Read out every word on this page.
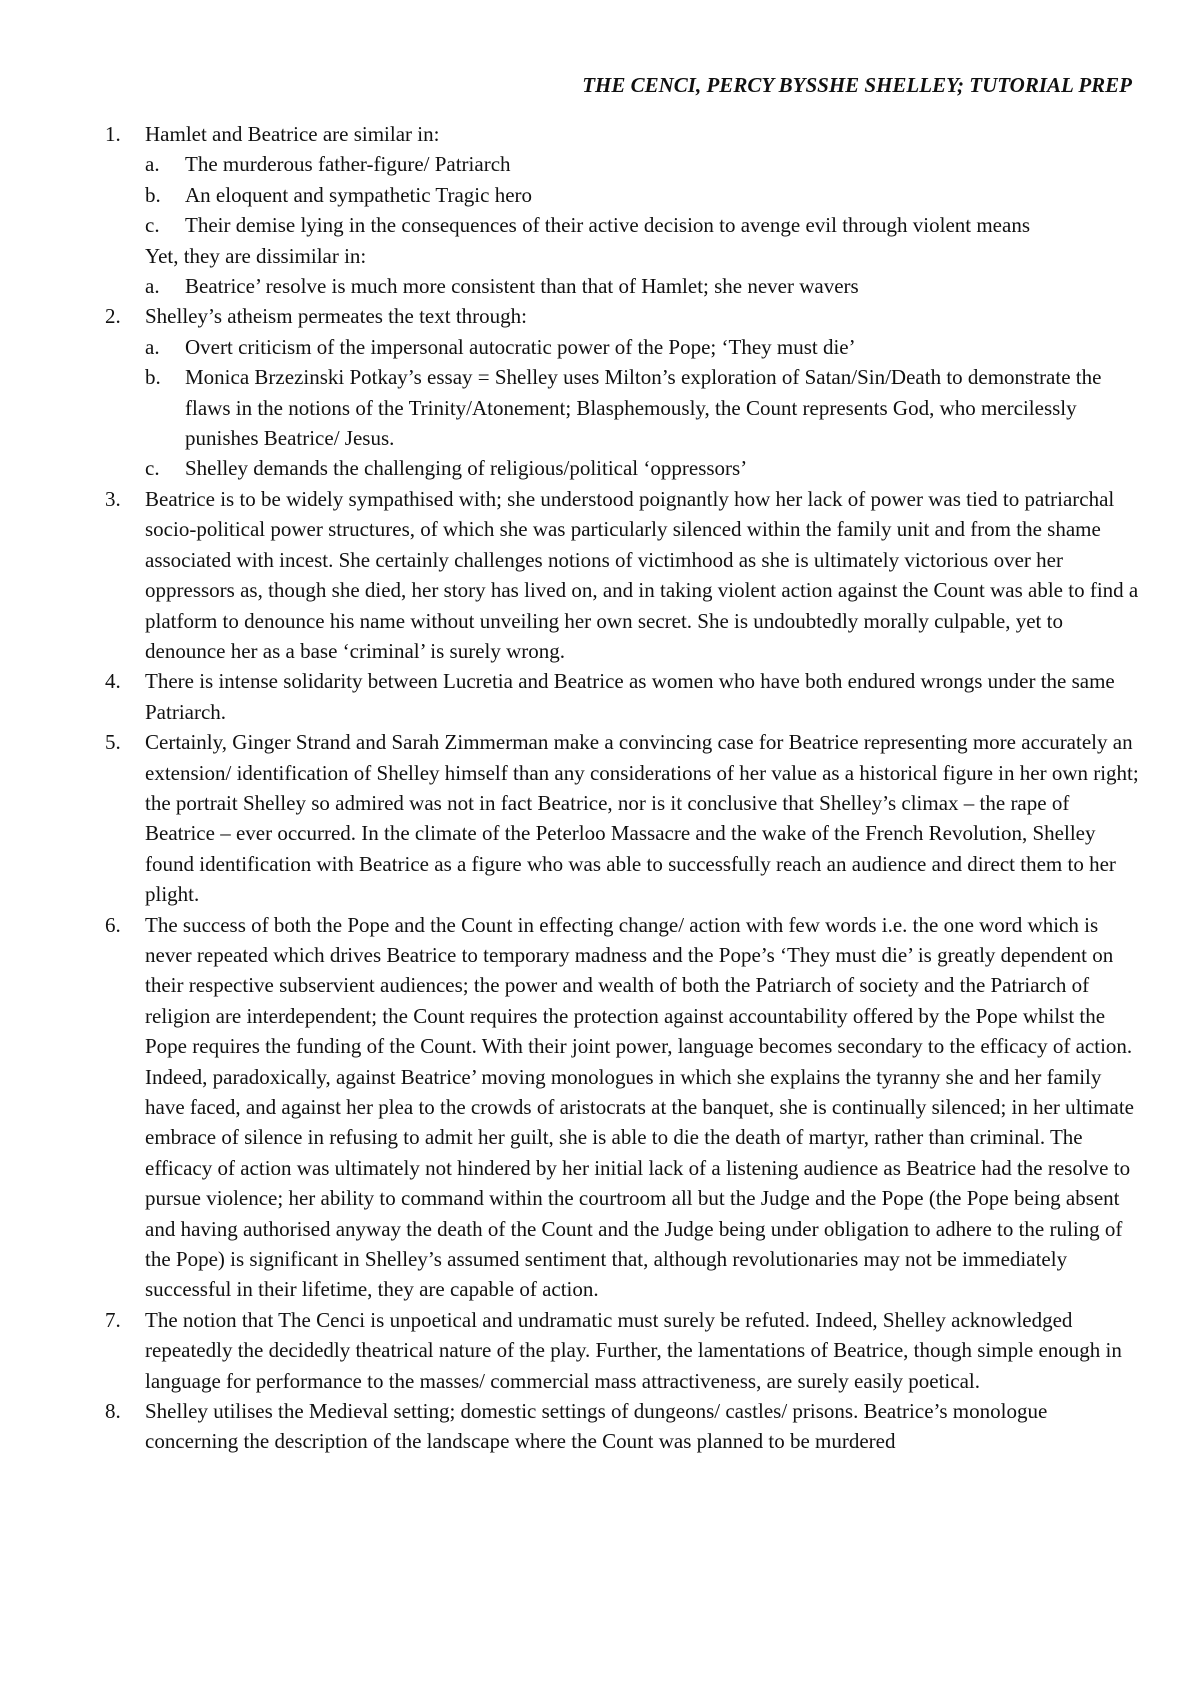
THE CENCI, PERCY BYSSHE SHELLEY; TUTORIAL PREP
1. Hamlet and Beatrice are similar in:
a. The murderous father-figure/ Patriarch
b. An eloquent and sympathetic Tragic hero
c. Their demise lying in the consequences of their active decision to avenge evil through violent means
Yet, they are dissimilar in:
a. Beatrice’ resolve is much more consistent than that of Hamlet; she never wavers
2. Shelley’s atheism permeates the text through:
a. Overt criticism of the impersonal autocratic power of the Pope; ‘They must die’
b. Monica Brzezinski Potkay’s essay = Shelley uses Milton’s exploration of Satan/Sin/Death to demonstrate the flaws in the notions of the Trinity/Atonement; Blasphemously, the Count represents God, who mercilessly punishes Beatrice/ Jesus.
c. Shelley demands the challenging of religious/political ‘oppressors’
3. Beatrice is to be widely sympathised with; she understood poignantly how her lack of power was tied to patriarchal socio-political power structures, of which she was particularly silenced within the family unit and from the shame associated with incest. She certainly challenges notions of victimhood as she is ultimately victorious over her oppressors as, though she died, her story has lived on, and in taking violent action against the Count was able to find a platform to denounce his name without unveiling her own secret. She is undoubtedly morally culpable, yet to denounce her as a base ‘criminal’ is surely wrong.
4. There is intense solidarity between Lucretia and Beatrice as women who have both endured wrongs under the same Patriarch.
5. Certainly, Ginger Strand and Sarah Zimmerman make a convincing case for Beatrice representing more accurately an extension/ identification of Shelley himself than any considerations of her value as a historical figure in her own right; the portrait Shelley so admired was not in fact Beatrice, nor is it conclusive that Shelley’s climax – the rape of Beatrice – ever occurred. In the climate of the Peterloo Massacre and the wake of the French Revolution, Shelley found identification with Beatrice as a figure who was able to successfully reach an audience and direct them to her plight.
6. The success of both the Pope and the Count in effecting change/ action with few words i.e. the one word which is never repeated which drives Beatrice to temporary madness and the Pope’s ‘They must die’ is greatly dependent on their respective subservient audiences; the power and wealth of both the Patriarch of society and the Patriarch of religion are interdependent; the Count requires the protection against accountability offered by the Pope whilst the Pope requires the funding of the Count. With their joint power, language becomes secondary to the efficacy of action. Indeed, paradoxically, against Beatrice’ moving monologues in which she explains the tyranny she and her family have faced, and against her plea to the crowds of aristocrats at the banquet, she is continually silenced; in her ultimate embrace of silence in refusing to admit her guilt, she is able to die the death of martyr, rather than criminal. The efficacy of action was ultimately not hindered by her initial lack of a listening audience as Beatrice had the resolve to pursue violence; her ability to command within the courtroom all but the Judge and the Pope (the Pope being absent and having authorised anyway the death of the Count and the Judge being under obligation to adhere to the ruling of the Pope) is significant in Shelley’s assumed sentiment that, although revolutionaries may not be immediately successful in their lifetime, they are capable of action.
7. The notion that The Cenci is unpoetical and undramatic must surely be refuted. Indeed, Shelley acknowledged repeatedly the decidedly theatrical nature of the play. Further, the lamentations of Beatrice, though simple enough in language for performance to the masses/ commercial mass attractiveness, are surely easily poetical.
8. Shelley utilises the Medieval setting; domestic settings of dungeons/ castles/ prisons. Beatrice’s monologue concerning the description of the landscape where the Count was planned to be murdered
